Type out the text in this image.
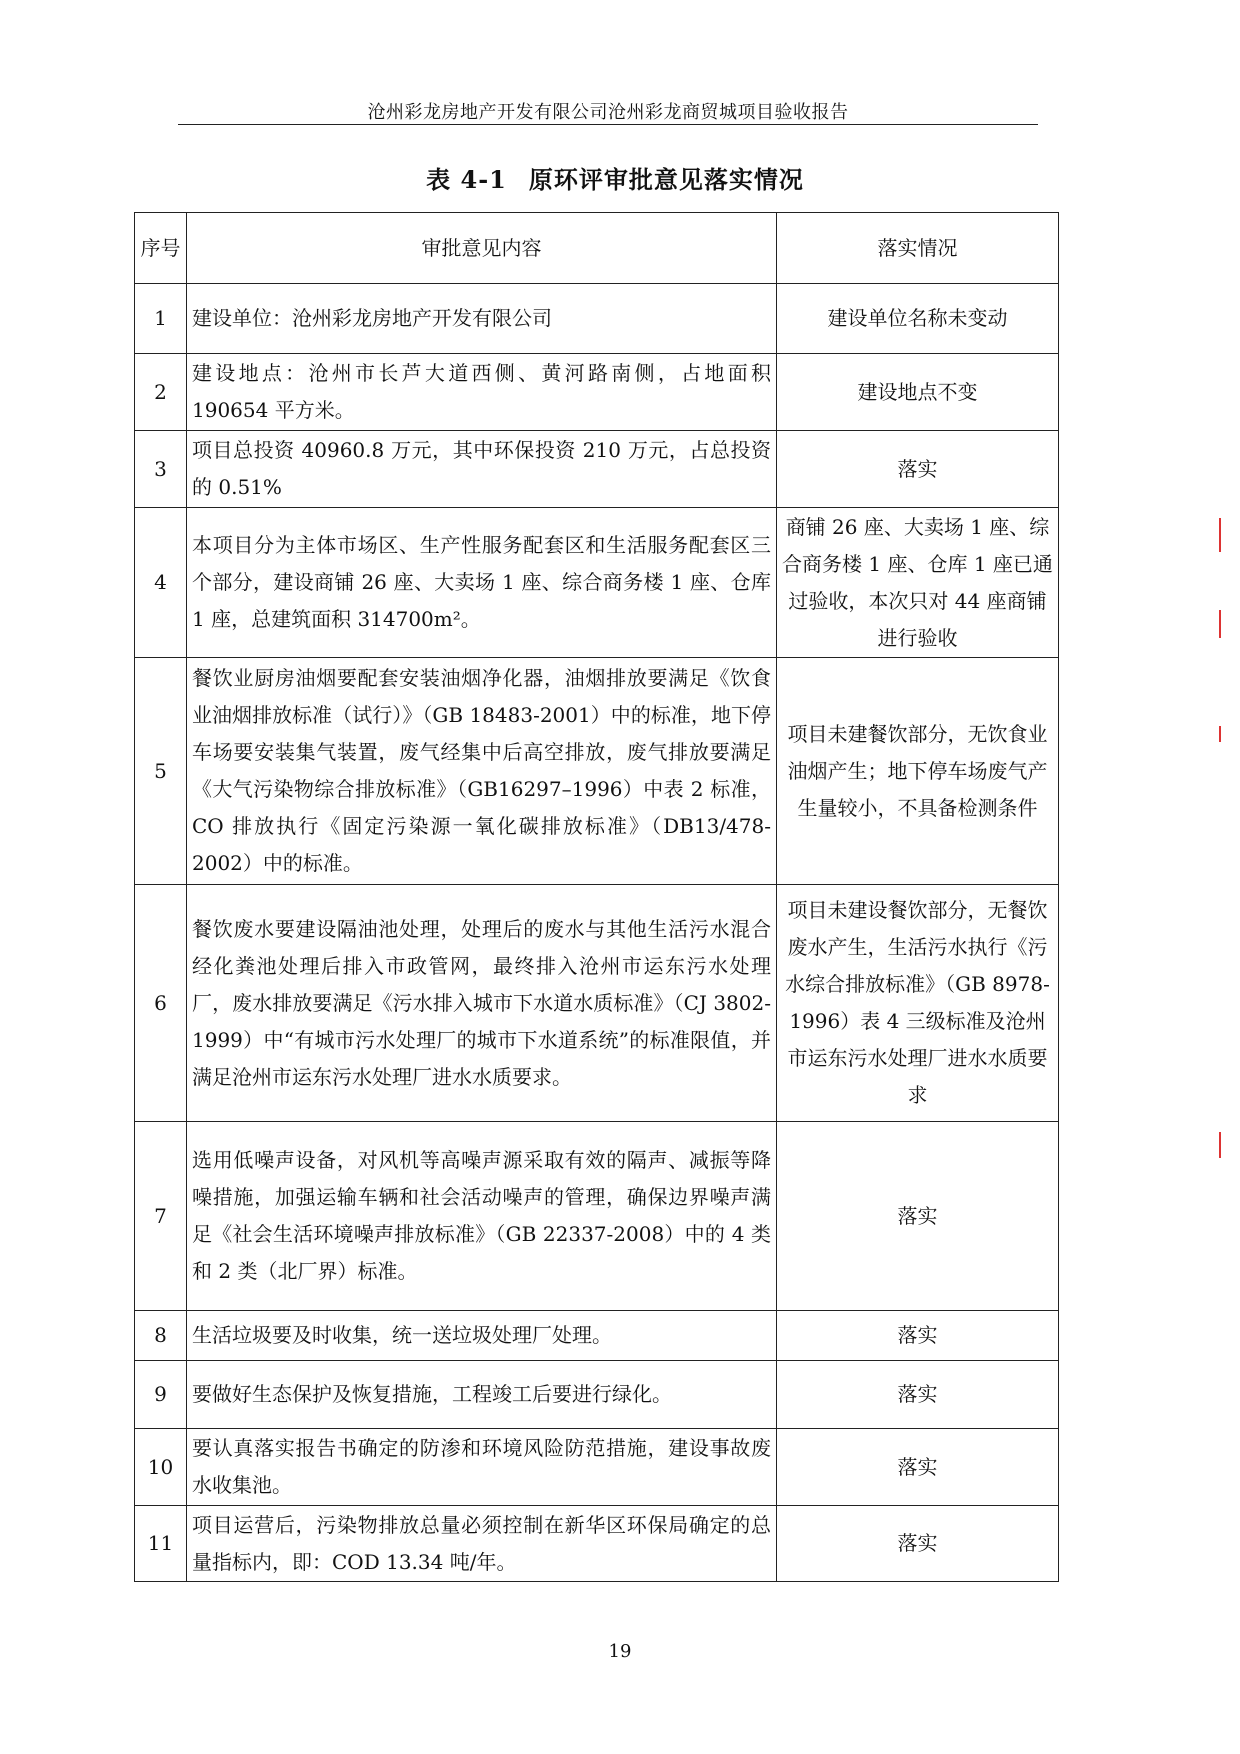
沧州彩龙房地产开发有限公司沧州彩龙商贸城项目验收报告
表 4-1 原环评审批意见落实情况
序号	审批意见内容	落实情况
1	建设单位：沧州彩龙房地产开发有限公司	建设单位名称未变动
2	建设地点：沧州市长芦大道西侧、黄河路南侧，占地面积 190654 平方米。	建设地点不变
3	项目总投资 40960.8 万元，其中环保投资 210 万元，占总投资的 0.51%	落实
4	本项目分为主体市场区、生产性服务配套区和生活服务配套区三个部分，建设商铺 26 座、大卖场 1 座、综合商务楼 1 座、仓库 1 座，总建筑面积 314700m²。	商铺 26 座、大卖场 1 座、综合商务楼 1 座、仓库 1 座已通过验收，本次只对 44 座商铺进行验收
5	餐饮业厨房油烟要配套安装油烟净化器，油烟排放要满足《饮食业油烟排放标准（试行）》（GB 18483-2001）中的标准，地下停车场要安装集气装置，废气经集中后高空排放，废气排放要满足《大气污染物综合排放标准》（GB16297–1996）中表 2 标准，CO 排放执行《固定污染源一氧化碳排放标准》（DB13/478-2002）中的标准。	项目未建餐饮部分，无饮食业油烟产生；地下停车场废气产生量较小，不具备检测条件
6	餐饮废水要建设隔油池处理，处理后的废水与其他生活污水混合经化粪池处理后排入市政管网，最终排入沧州市运东污水处理厂，废水排放要满足《污水排入城市下水道水质标准》（CJ 3802-1999）中“有城市污水处理厂的城市下水道系统”的标准限值，并满足沧州市运东污水处理厂进水水质要求。	项目未建设餐饮部分，无餐饮废水产生，生活污水执行《污水综合排放标准》（GB 8978-1996）表 4 三级标准及沧州市运东污水处理厂进水水质要求
7	选用低噪声设备，对风机等高噪声源采取有效的隔声、减振等降噪措施，加强运输车辆和社会活动噪声的管理，确保边界噪声满足《社会生活环境噪声排放标准》（GB 22337-2008）中的 4 类和 2 类（北厂界）标准。	落实
8	生活垃圾要及时收集，统一送垃圾处理厂处理。	落实
9	要做好生态保护及恢复措施，工程竣工后要进行绿化。	落实
10	要认真落实报告书确定的防渗和环境风险防范措施，建设事故废水收集池。	落实
11	项目运营后，污染物排放总量必须控制在新华区环保局确定的总量指标内，即：COD 13.34 吨/年。	落实
19
